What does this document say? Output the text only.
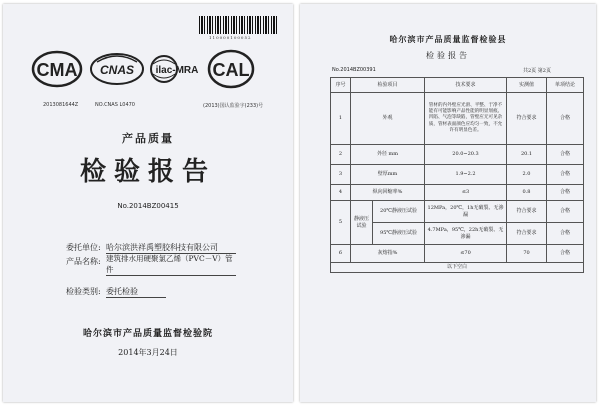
110000100052
CMA CNAS ilac-MRA CAL
2013081644Z	NO.CNAS L0470	(2013)国认监验字(233)号
产品质量
检验报告
No.2014BZ00415
委托单位: 哈尔滨洪祥禹塑胶科技有限公司
产品名称: 建筑排水用硬聚氯乙烯（PVC－V）管件
检验类别: 委托检验
哈尔滨市产品质量监督检验院
2014年3月24日
哈尔滨市产品质量监督检验县
检验报告
No.2014BZ00391	共2页 第2页
序号	检验项目		技术要求	实测值	单项结论
1	外观		管材的内外壁应光滑、平整、于净不能有可能影响产品性能的明显划痕、凹陷、气泡等缺陷，管壁应无可见杂质，管材表面颜色应均匀一致，不允许有明显色差。	符合要求	合格
2	外径 mm		20.0~20.3	20.1	合格
3	壁厚mm		1.9~2.2	2.0	合格
4	纵向回缩率%		≤3	0.8	合格
5	静液压试验	20℃静液压试验	12MPa，20℃，1h无破裂、无渗漏	符合要求	合格
		95℃静液压试验	4.7MPa，95℃，22h无破裂、无渗漏	符合要求	合格
6	灰熔指%		≤70	70	合格
以下空白					
